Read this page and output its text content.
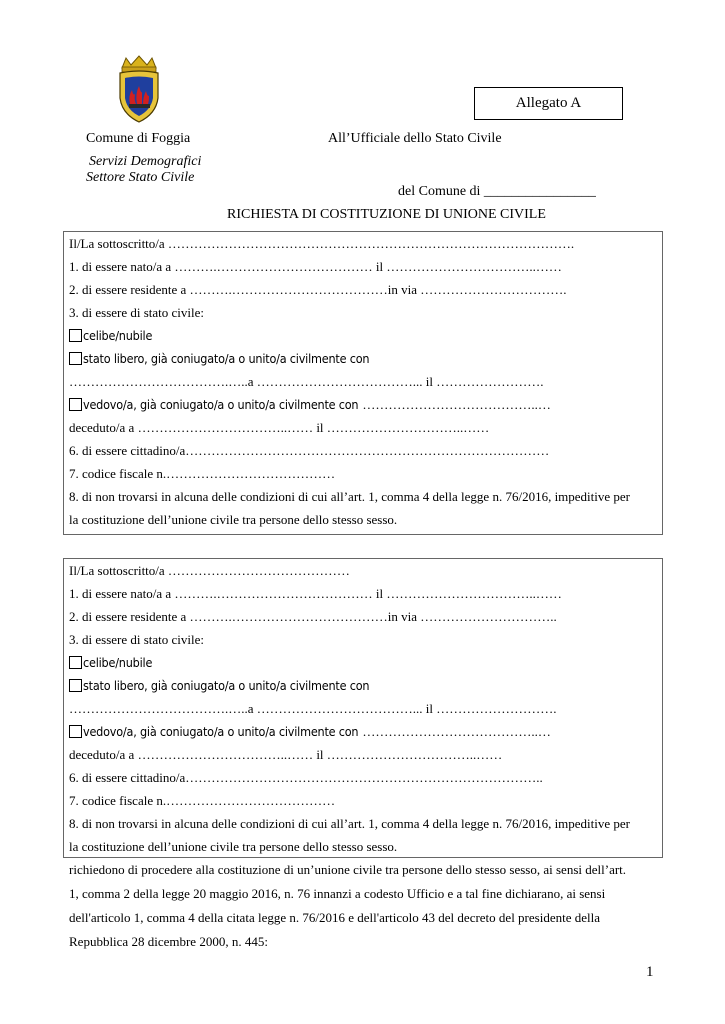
Allegato A
Comune di Foggia
Servizi Demografici
Settore Stato Civile
All’Ufficiale dello Stato Civile
del Comune di ________________
RICHIESTA DI COSTITUZIONE DI UNIONE CIVILE
Il/La sottoscritto/a ………………………………………………………………………………….
1. di essere nato/a a ……….……………………………… il ……………………………..……
2. di essere residente a ……….………………………………in via …………………………….
3. di essere di stato civile:
celibe/nubile
stato libero, già coniugato/a o unito/a civilmente con
……………………………….…..a ………………………………... il …………………….
vedovo/a, già coniugato/a o unito/a civilmente con …………………………………..…
deceduto/a a ……………………………..…… il …………………………..……
6. di essere cittadino/a…………………………………………………………………………
7. codice fiscale n.…………………………………
8. di non trovarsi in alcuna delle condizioni di cui all’art. 1, comma 4 della legge n. 76/2016, impeditive per
la costituzione dell’unione civile tra persone dello stesso sesso.
Il/La sottoscritto/a ……………………………………
1. di essere nato/a a ……….……………………………… il ……………………………..……
2. di essere residente a ……….………………………………in via …………………………..
3. di essere di stato civile:
celibe/nubile
stato libero, già coniugato/a o unito/a civilmente con
……………………………….…..a ………………………………... il ……………………….
vedovo/a, già coniugato/a o unito/a civilmente con …………………………………..…
deceduto/a a ……………………………..…… il ……………………………..……
6. di essere cittadino/a………………………………………………………………………..
7. codice fiscale n.…………………………………
8. di non trovarsi in alcuna delle condizioni di cui all’art. 1, comma 4 della legge n. 76/2016, impeditive per
la costituzione dell’unione civile tra persone dello stesso sesso.
richiedono di procedere alla costituzione di un’unione civile tra persone dello stesso sesso, ai sensi dell’art.
1, comma 2 della legge 20 maggio 2016, n. 76 innanzi a codesto Ufficio e a tal fine dichiarano, ai sensi
dell'articolo 1, comma 4 della citata legge n. 76/2016 e dell'articolo 43 del decreto del presidente della
Repubblica 28 dicembre 2000, n. 445:
1
